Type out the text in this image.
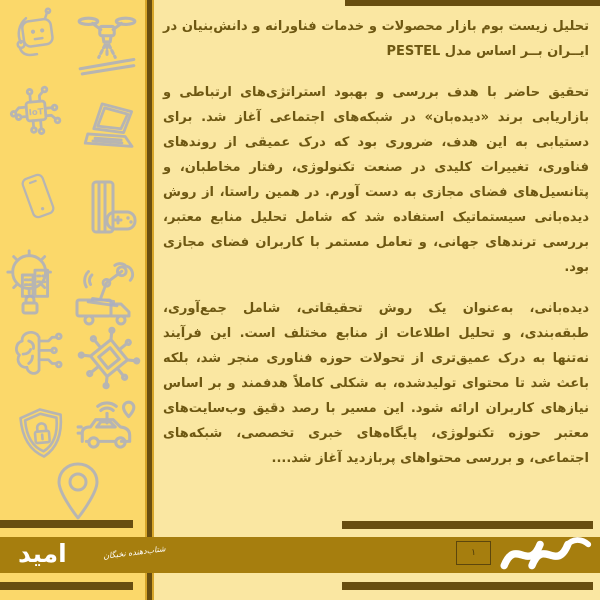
IoT

تحلیل زیست بوم بازار محصولات و خدمات فناورانه و دانش‌بنیان در ایــران بــر اساس مدل PESTEL

تحقیق حاضر با هدف بررسی و بهبود استراتژی‌های ارتباطی و بازاریابی برند «دیده‌بان» در شبکه‌های اجتماعی آغاز شد. برای دستیابی به این هدف، ضروری بود که درک عمیقی از روندهای فناوری، تغییرات کلیدی در صنعت تکنولوژی، رفتار مخاطبان، و پتانسیل‌های فضای مجازی به دست آورم. در همین راستا، از روش دیده‌بانی سیستماتیک استفاده شد که شامل تحلیل منابع معتبر، بررسی ترندهای جهانی، و تعامل مستمر با کاربران فضای مجازی بود.

دیده‌بانی، به‌عنوان یک روش تحقیقاتی، شامل جمع‌آوری، طبقه‌بندی، و تحلیل اطلاعات از منابع مختلف است. این فرآیند نه‌تنها به درک عمیق‌تری از تحولات حوزه فناوری منجر شد، بلکه باعث شد تا محتوای تولیدشده، به شکلی کاملاً هدفمند و بر اساس نیازهای کاربران ارائه شود. این مسیر با رصد دقیق وب‌سایت‌های معتبر حوزه تکنولوژی، پایگاه‌های خبری تخصصی، شبکه‌های اجتماعی، و بررسی محتواهای پربازدید آغاز شد....

امید	شتاب‌دهنده نخبگان	۱
